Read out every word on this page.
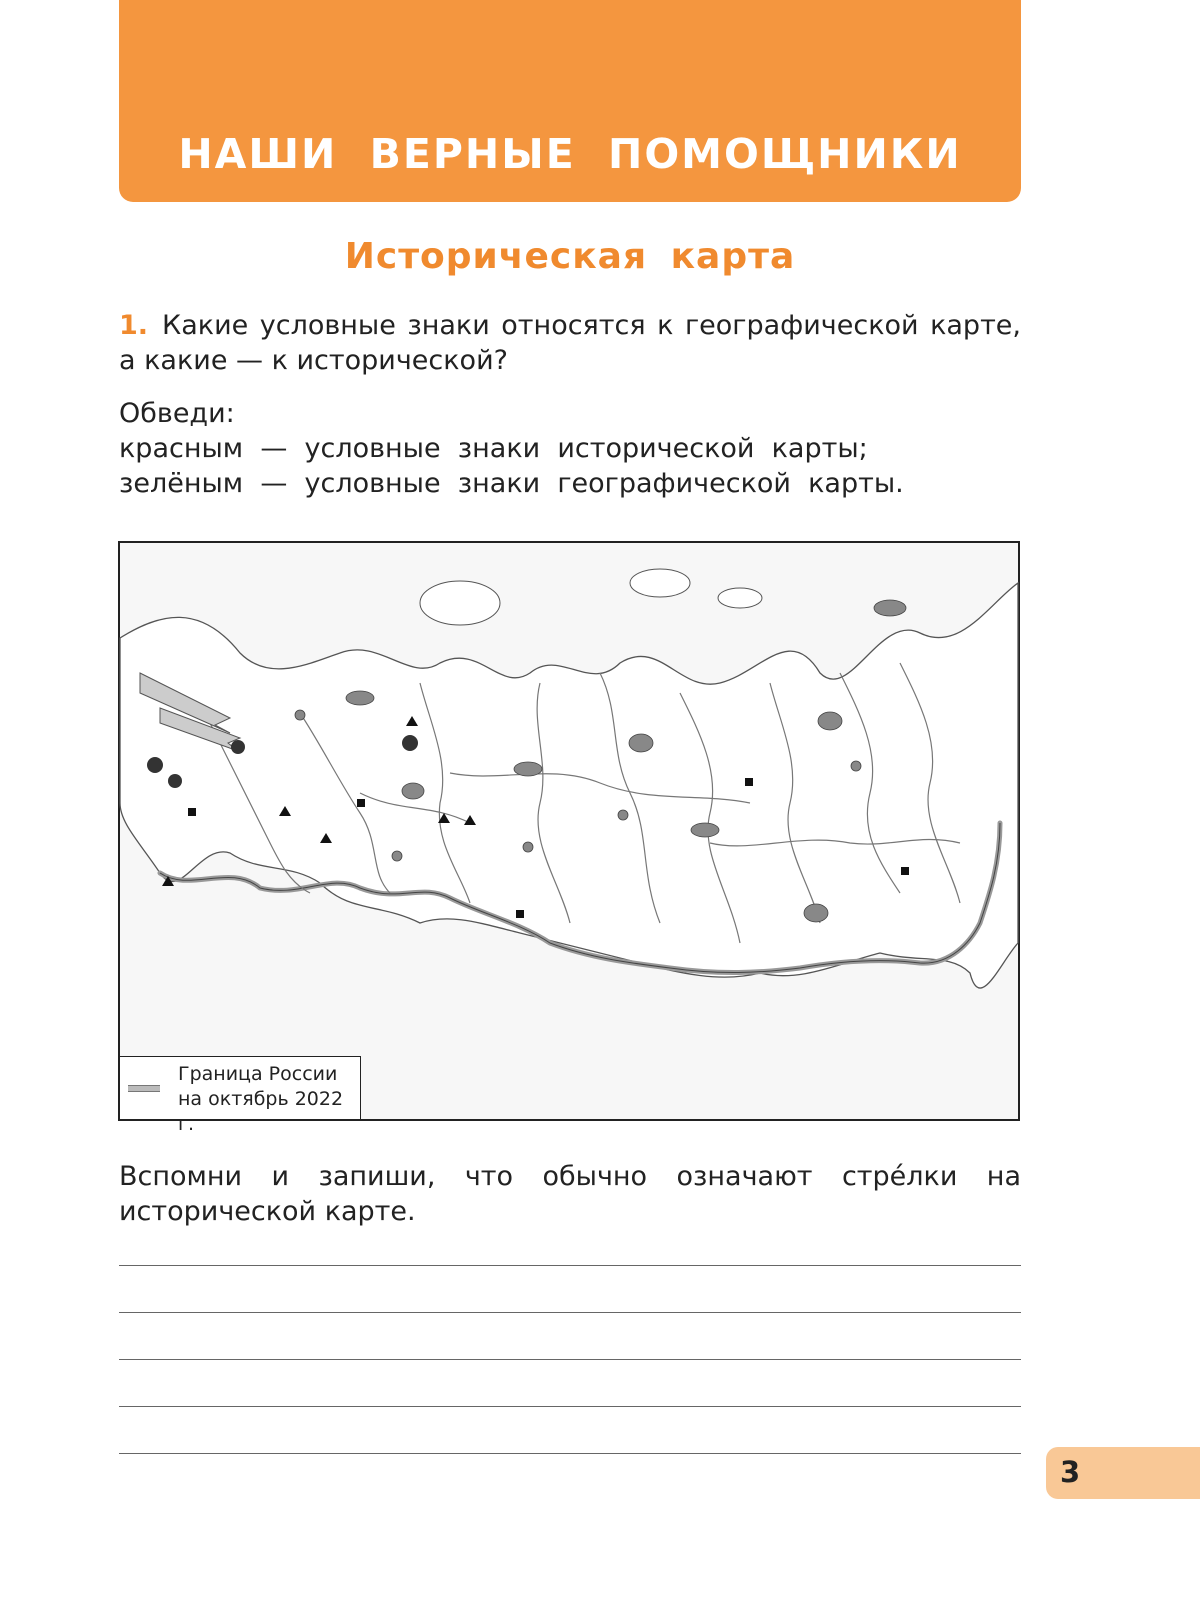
НАШИ ВЕРНЫЕ ПОМОЩНИКИ
Историческая карта
1. Какие условные знаки относятся к географической карте, а какие — к исторической?
Обведи:
красным  —  условные  знаки  исторической  карты;
зелёным  —  условные  знаки  географической  карты.
Граница России
на октябрь 2022 г.
Вспомни и запиши, что обычно означают стре́лки на исторической карте.
3
